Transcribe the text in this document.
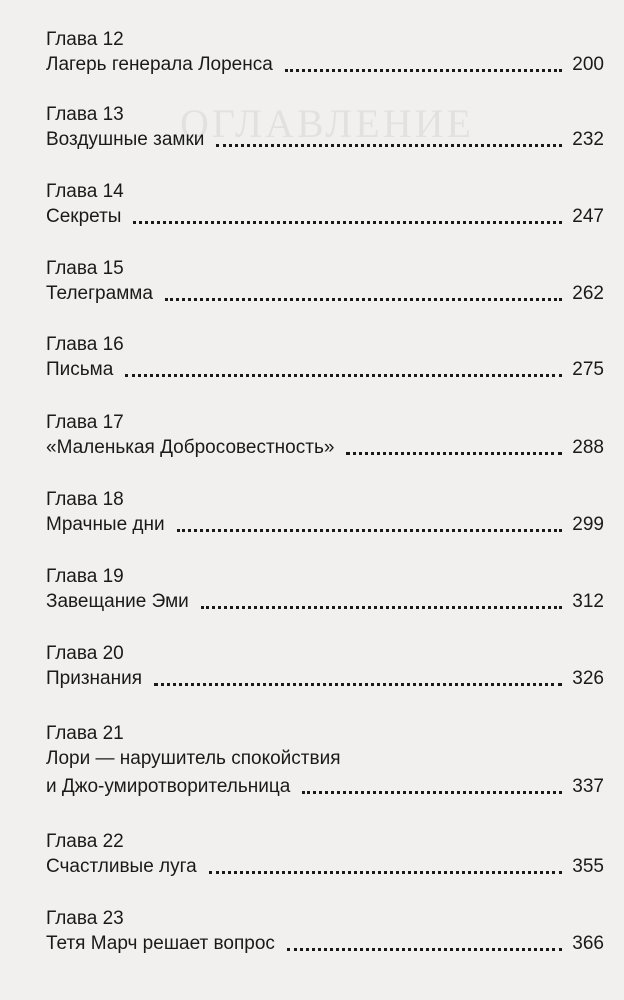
ОГЛАВЛЕНИЕ
Глава 12
Лагерь генерала Лоренса	200
Глава 13
Воздушные замки	232
Глава 14
Секреты	247
Глава 15
Телеграмма	262
Глава 16
Письма	275
Глава 17
«Маленькая Добросовестность»	288
Глава 18
Мрачные дни	299
Глава 19
Завещание Эми	312
Глава 20
Признания	326
Глава 21
Лори — нарушитель спокойствия
и Джо-умиротворительница	337
Глава 22
Счастливые луга	355
Глава 23
Тетя Марч решает вопрос	366
